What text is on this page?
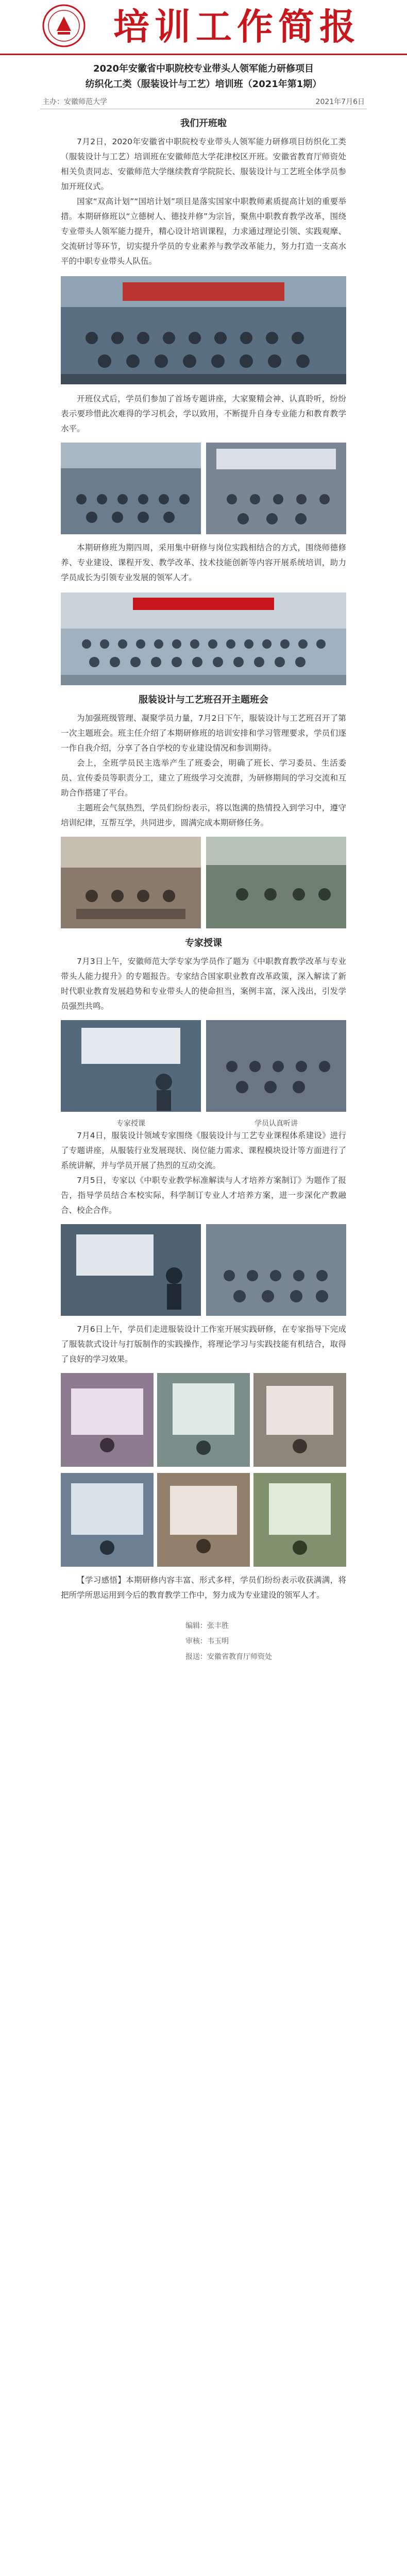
培训工作简报
2020年安徽省中职院校专业带头人领军能力研修项目
纺织化工类（服装设计与工艺）培训班（2021年第1期）
主办：安徽师范大学	2021年7月6日
我们开班啦

7月2日，2020年安徽省中职院校专业带头人领军能力研修项目纺织化工类（服装设计与工艺）培训班在安徽师范大学花津校区开班。安徽省教育厅师资处相关负责同志、安徽师范大学继续教育学院院长、服装设计与工艺班全体学员参加开班仪式。

国家“双高计划”“国培计划”项目是落实国家中职教师素质提高计划的重要举措。本期研修班以“立德树人、德技并修”为宗旨，聚焦中职教育教学改革，围绕专业带头人领军能力提升，精心设计培训课程，力求通过理论引领、实践观摩、交流研讨等环节，切实提升学员的专业素养与教学改革能力，努力打造一支高水平的中职专业带头人队伍。

开班仪式后，学员们参加了首场专题讲座，大家聚精会神、认真聆听，纷纷表示要珍惜此次难得的学习机会，学以致用，不断提升自身专业能力和教育教学水平。

本期研修班为期四周，采用集中研修与岗位实践相结合的方式，围绕师德修养、专业建设、课程开发、教学改革、技术技能创新等内容开展系统培训，助力学员成长为引领专业发展的领军人才。

服装设计与工艺班召开主题班会

为加强班级管理、凝聚学员力量，7月2日下午，服装设计与工艺班召开了第一次主题班会。班主任介绍了本期研修班的培训安排和学习管理要求，学员们逐一作自我介绍，分享了各自学校的专业建设情况和参训期待。

会上，全班学员民主选举产生了班委会，明确了班长、学习委员、生活委员、宣传委员等职责分工，建立了班级学习交流群，为研修期间的学习交流和互助合作搭建了平台。

主题班会气氛热烈，学员们纷纷表示，将以饱满的热情投入到学习中，遵守培训纪律，互帮互学，共同进步，圆满完成本期研修任务。

专家授课

7月3日上午，安徽师范大学专家为学员作了题为《中职教育教学改革与专业带头人能力提升》的专题报告。专家结合国家职业教育改革政策，深入解读了新时代职业教育发展趋势和专业带头人的使命担当，案例丰富，深入浅出，引发学员强烈共鸣。

专家授课	学员认真听讲

7月4日，服装设计领域专家围绕《服装设计与工艺专业课程体系建设》进行了专题讲座，从服装行业发展现状、岗位能力需求、课程模块设计等方面进行了系统讲解，并与学员开展了热烈的互动交流。

7月5日，专家以《中职专业教学标准解读与人才培养方案制订》为题作了报告，指导学员结合本校实际，科学制订专业人才培养方案，进一步深化产教融合、校企合作。

7月6日上午，学员们走进服装设计工作室开展实践研修，在专家指导下完成了服装款式设计与打版制作的实践操作，将理论学习与实践技能有机结合，取得了良好的学习效果。

【学习感悟】本期研修内容丰富、形式多样，学员们纷纷表示收获满满，将把所学所思运用到今后的教育教学工作中，努力成为专业建设的领军人才。

编辑：张丰胜
审核：韦玉明
报送：安徽省教育厅师资处
